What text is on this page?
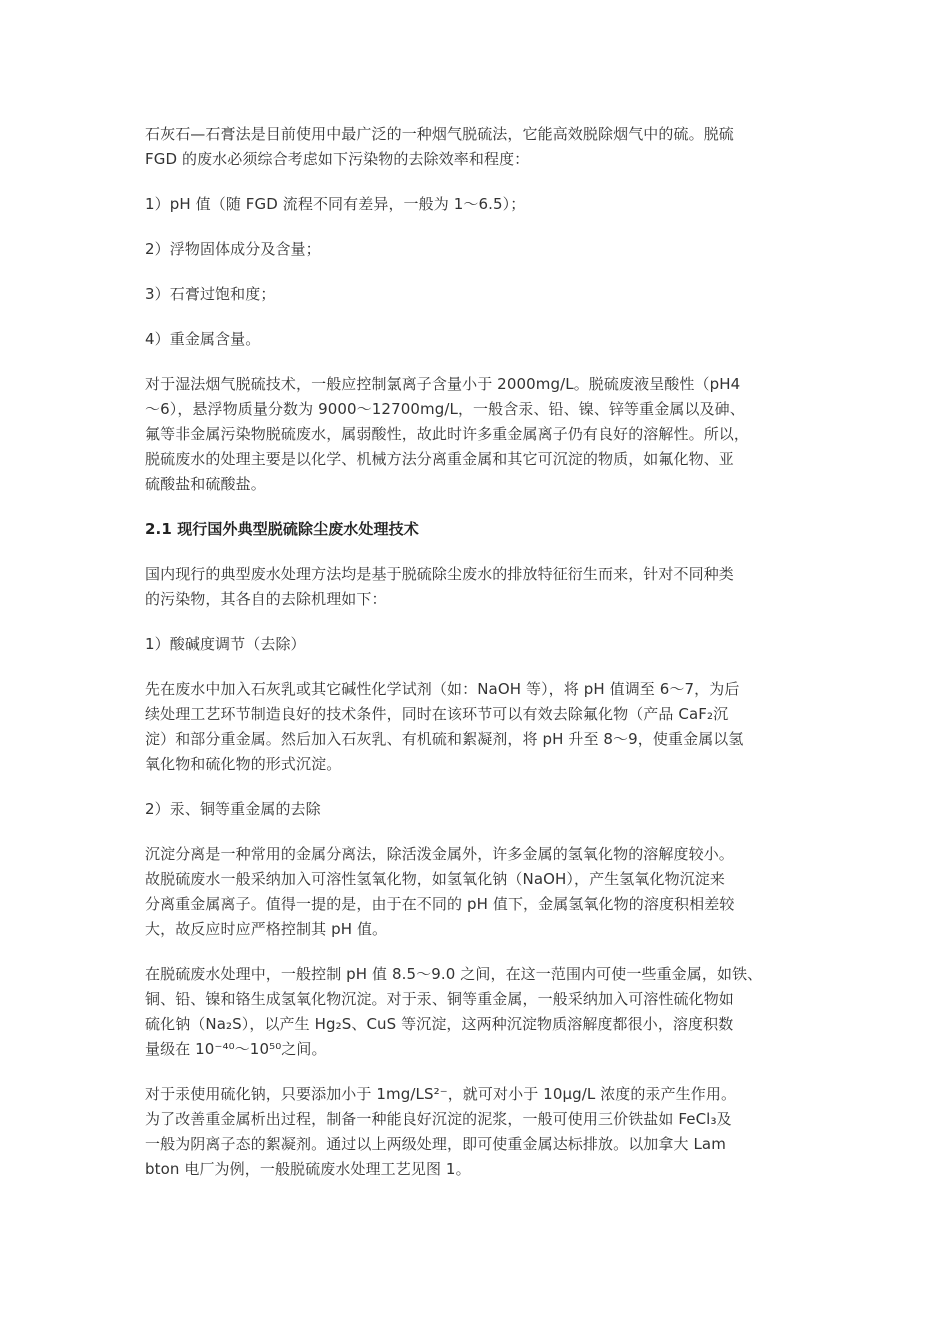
石灰石—石膏法是目前使用中最广泛的一种烟气脱硫法，它能高效脱除烟气中的硫。脱硫
FGD 的废水必须综合考虑如下污染物的去除效率和程度：
1）pH 值（随 FGD 流程不同有差异，一般为 1～6.5）；
2）浮物固体成分及含量；
3）石膏过饱和度；
4）重金属含量。
对于湿法烟气脱硫技术，一般应控制氯离子含量小于 2000mg/L。脱硫废液呈酸性（pH4
～6），悬浮物质量分数为 9000～12700mg/L，一般含汞、铅、镍、锌等重金属以及砷、
氟等非金属污染物脱硫废水，属弱酸性，故此时许多重金属离子仍有良好的溶解性。所以，
脱硫废水的处理主要是以化学、机械方法分离重金属和其它可沉淀的物质，如氟化物、亚
硫酸盐和硫酸盐。
2.1 现行国外典型脱硫除尘废水处理技术
国内现行的典型废水处理方法均是基于脱硫除尘废水的排放特征衍生而来，针对不同种类
的污染物，其各自的去除机理如下：
1）酸碱度调节（去除）
先在废水中加入石灰乳或其它碱性化学试剂（如：NaOH 等），将 pH 值调至 6～7，为后
续处理工艺环节制造良好的技术条件，同时在该环节可以有效去除氟化物（产品 CaF₂沉
淀）和部分重金属。然后加入石灰乳、有机硫和絮凝剂，将 pH 升至 8～9，使重金属以氢
氧化物和硫化物的形式沉淀。
2）汞、铜等重金属的去除
沉淀分离是一种常用的金属分离法，除活泼金属外，许多金属的氢氧化物的溶解度较小。
故脱硫废水一般采纳加入可溶性氢氧化物，如氢氧化钠（NaOH），产生氢氧化物沉淀来
分离重金属离子。值得一提的是，由于在不同的 pH 值下，金属氢氧化物的溶度积相差较
大，故反应时应严格控制其 pH 值。
在脱硫废水处理中，一般控制 pH 值 8.5～9.0 之间，在这一范围内可使一些重金属，如铁、
铜、铅、镍和铬生成氢氧化物沉淀。对于汞、铜等重金属，一般采纳加入可溶性硫化物如
硫化钠（Na₂S），以产生 Hg₂S、CuS 等沉淀，这两种沉淀物质溶解度都很小，溶度积数
量级在 10⁻⁴⁰～10⁵⁰之间。
对于汞使用硫化钠，只要添加小于 1mg/LS²⁻，就可对小于 10μg/L 浓度的汞产生作用。
为了改善重金属析出过程，制备一种能良好沉淀的泥浆，一般可使用三价铁盐如 FeCl₃及
一般为阴离子态的絮凝剂。通过以上两级处理，即可使重金属达标排放。以加拿大 Lam
bton 电厂为例，一般脱硫废水处理工艺见图 1。
